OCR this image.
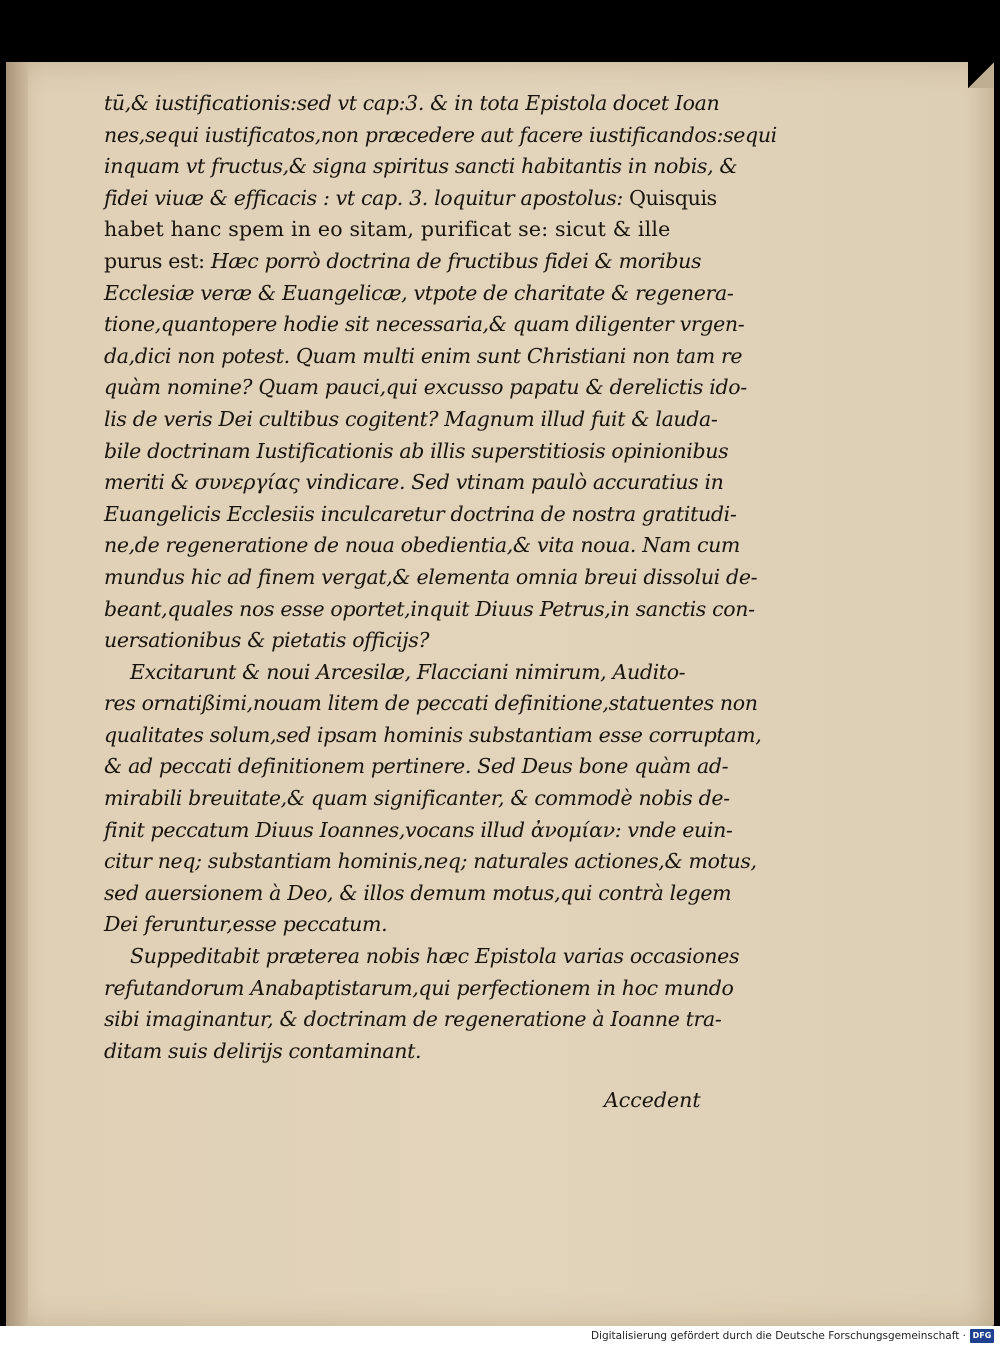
tū,& iustificationis:sed vt cap:3. & in tota Epistola docet Ioan
nes,sequi iustificatos,non præcedere aut facere iustificandos:sequi
inquam vt fructus,& signa spiritus sancti habitantis in nobis, &
fidei viuæ & efficacis : vt cap. 3. loquitur apostolus: Quisquis
habet hanc spem in eo sitam, purificat se: sicut & ille
purus est: Hæc porrò doctrina de fructibus fidei & moribus
Ecclesiæ veræ & Euangelicæ, vtpote de charitate & regenera-
tione,quantopere hodie sit necessaria,& quam diligenter vrgen-
da,dici non potest. Quam multi enim sunt Christiani non tam re
quàm nomine? Quam pauci,qui excusso papatu & derelictis ido-
lis de veris Dei cultibus cogitent? Magnum illud fuit & lauda-
bile doctrinam Iustificationis ab illis superstitiosis opinionibus
meriti & συνεργίας vindicare. Sed vtinam paulò accuratius in
Euangelicis Ecclesiis inculcaretur doctrina de nostra gratitudi-
ne,de regeneratione de noua obedientia,& vita noua. Nam cum
mundus hic ad finem vergat,& elementa omnia breui dissolui de-
beant,quales nos esse oportet,inquit Diuus Petrus,in sanctis con-
uersationibus & pietatis officijs?
Excitarunt & noui Arcesilæ, Flacciani nimirum, Audito-
res ornatißimi,nouam litem de peccati definitione,statuentes non
qualitates solum,sed ipsam hominis substantiam esse corruptam,
& ad peccati definitionem pertinere. Sed Deus bone quàm ad-
mirabili breuitate,& quam significanter, & commodè nobis de-
finit peccatum Diuus Ioannes,vocans illud ἀνομίαν: vnde euin-
citur neq; substantiam hominis,neq; naturales actiones,& motus,
sed auersionem à Deo, & illos demum motus,qui contrà legem
Dei feruntur,esse peccatum.
Suppeditabit præterea nobis hæc Epistola varias occasiones
refutandorum Anabaptistarum,qui perfectionem in hoc mundo
sibi imaginantur, & doctrinam de regeneratione à Ioanne tra-
ditam suis delirijs contaminant.
Accedent
Digitalisierung gefördert durch die Deutsche Forschungsgemeinschaft · DFG
